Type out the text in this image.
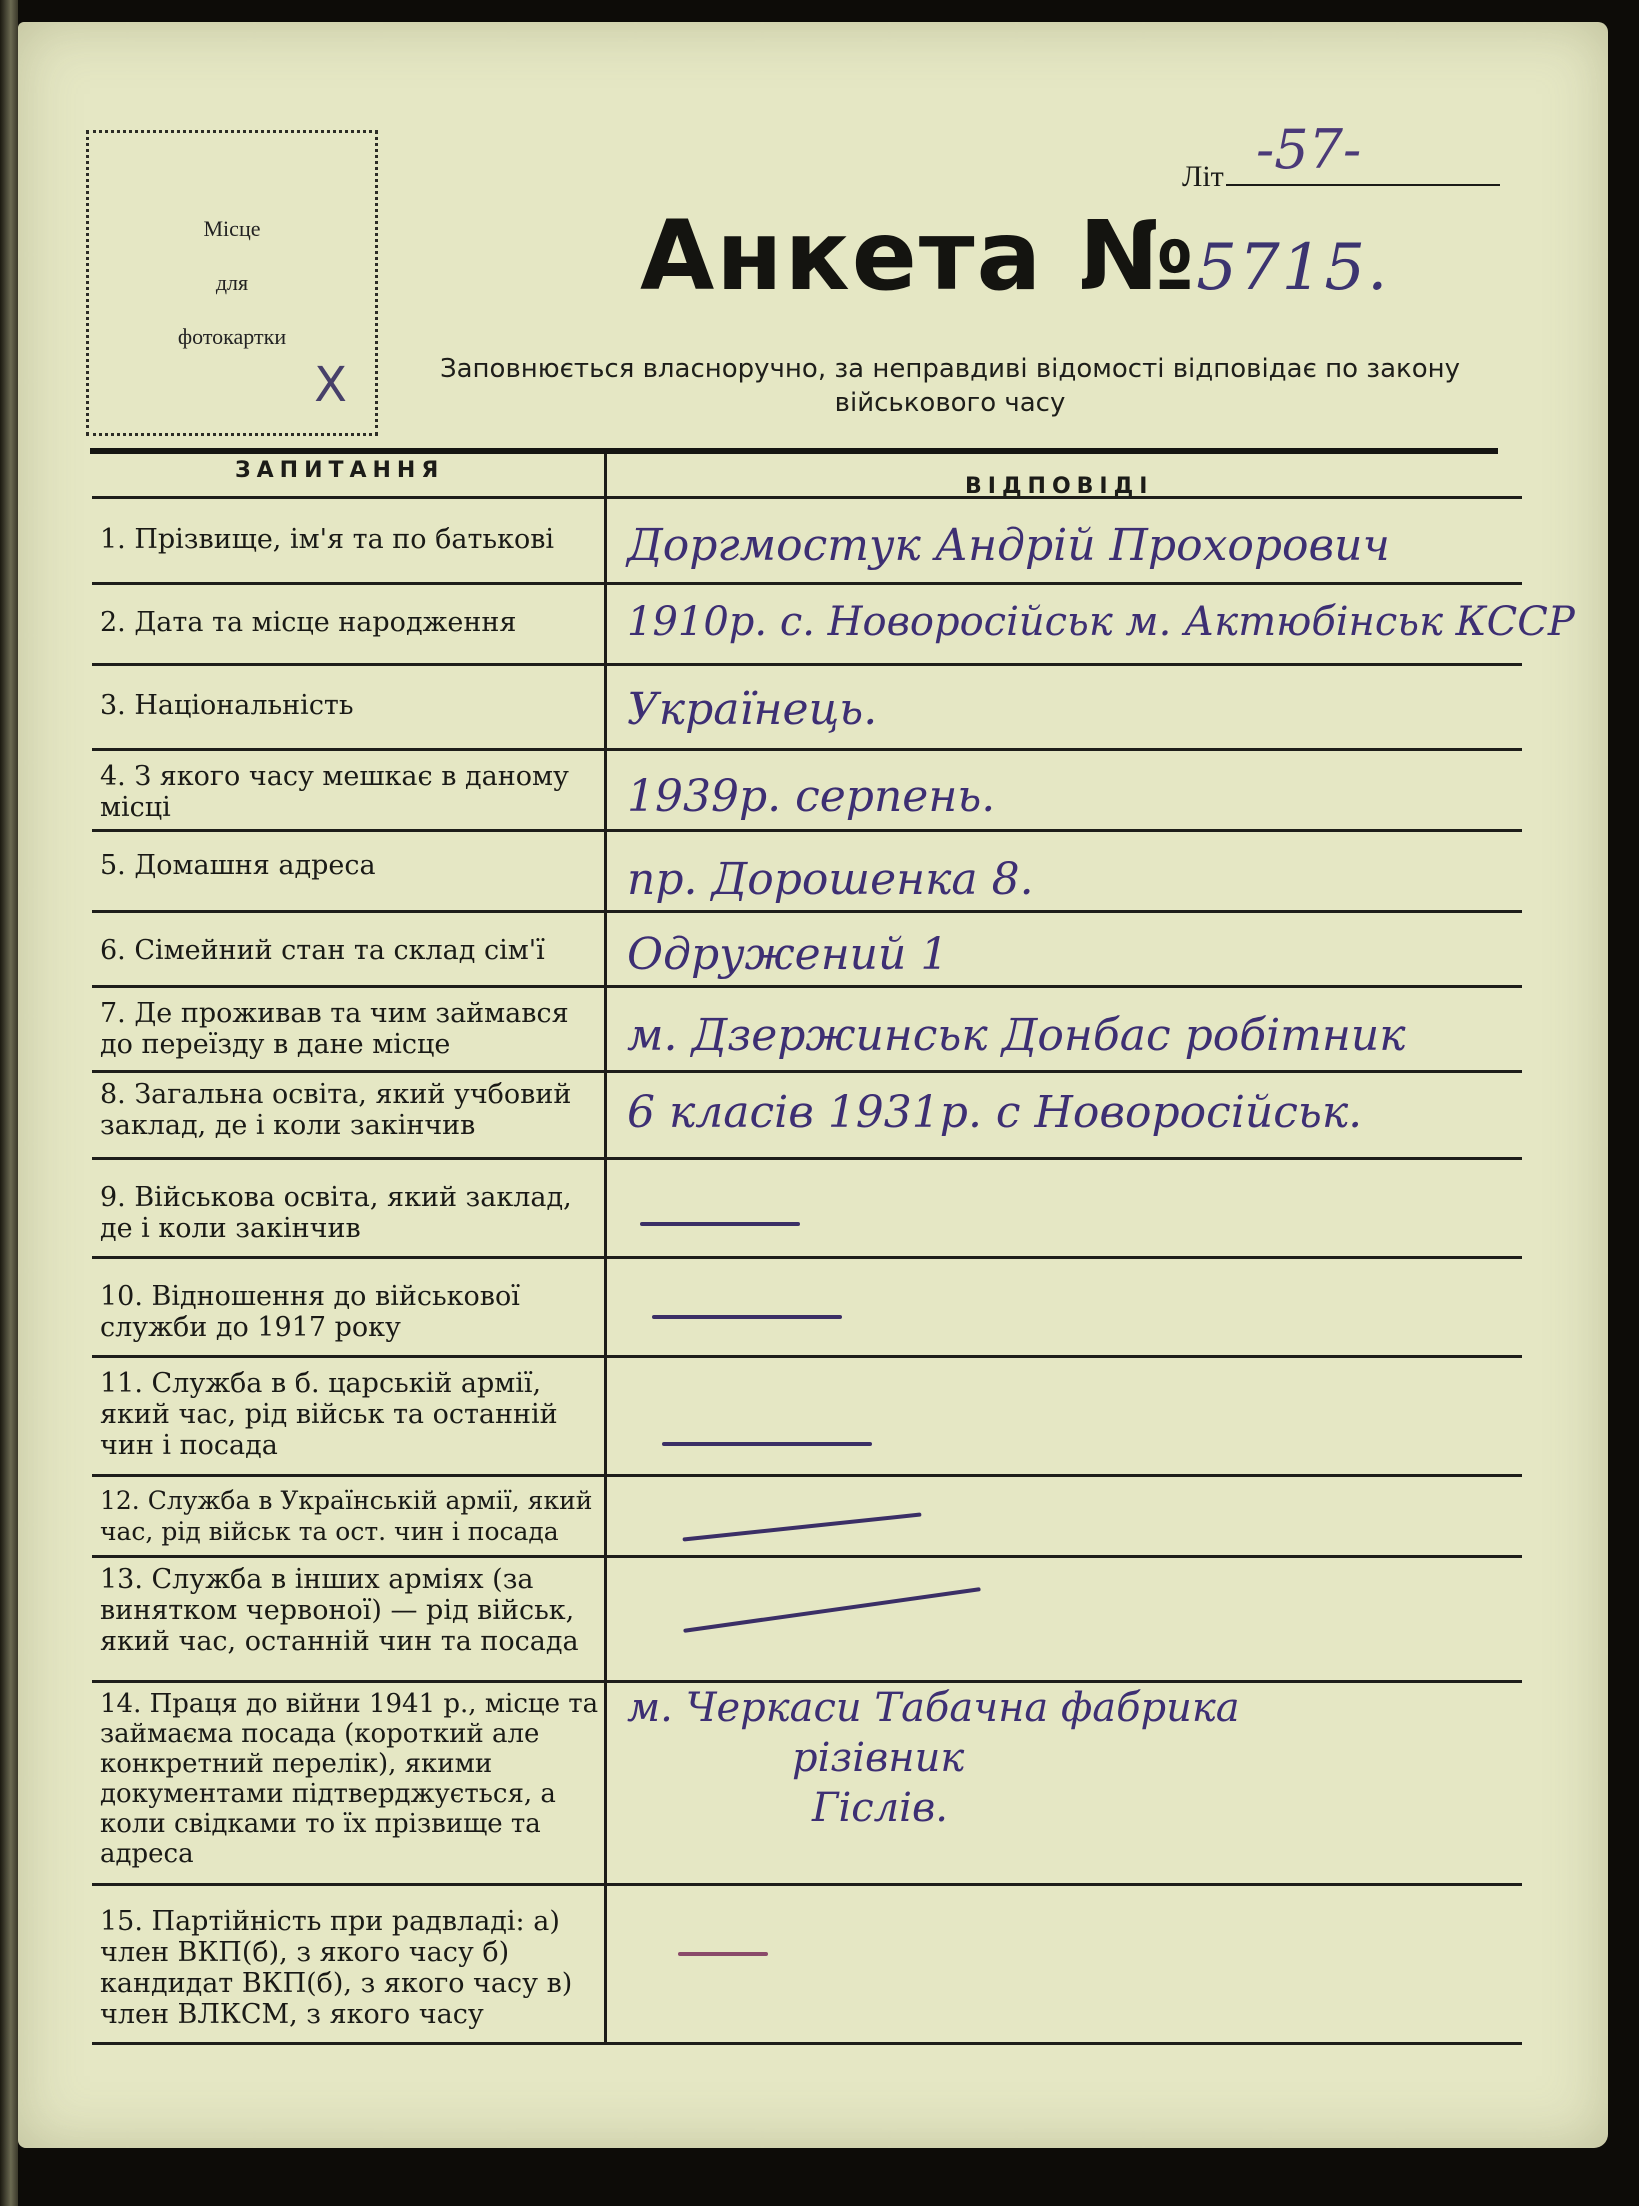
Місце
для
фотокартки
X
Літ -57-
Анкета №5715.
Заповнюється власноручно, за неправдиві відомості відповідає по закону військового часу
ЗАПИТАННЯ
ВІДПОВІДІ
1. Прізвище, ім'я та по батькові	Доргмостук Андрій Прохорович
2. Дата та місце народження	1910р. с. Новоросійськ м. Актюбінськ КССР
3. Національність	Українець.
4. З якого часу мешкає в даному місці	1939р. серпень.
5. Домашня адреса	пр. Дорошенка 8.
6. Сімейний стан та склад сім'ї	Одружений 1
7. Де проживав та чим займався до переїзду в дане місце	м. Дзержинськ Донбас робітник
8. Загальна освіта, який учбовий заклад, де і коли закінчив	6 класів 1931р. с Новоросійськ.
9. Військова освіта, який заклад, де і коли закінчив
10. Відношення до військової служби до 1917 року
11. Служба в б. царській армії, який час, рід військ та останній чин і посада
12. Служба в Українській армії, який час, рід військ та ост. чин і посада
13. Служба в інших арміях (за винятком червоної) — рід військ, який час, останній чин та посада
14. Праця до війни 1941 р., місце та займаєма посада (короткий але конкретний перелік), якими документами підтверджується, а коли свідками то їх прізвище та адреса
м. Черкаси Табачна фабрика
різівник
Гіслів.
15. Партійність при радвладі: а) член ВКП(б), з якого часу б) кандидат ВКП(б), з якого часу в) член ВЛКСМ, з якого часу
